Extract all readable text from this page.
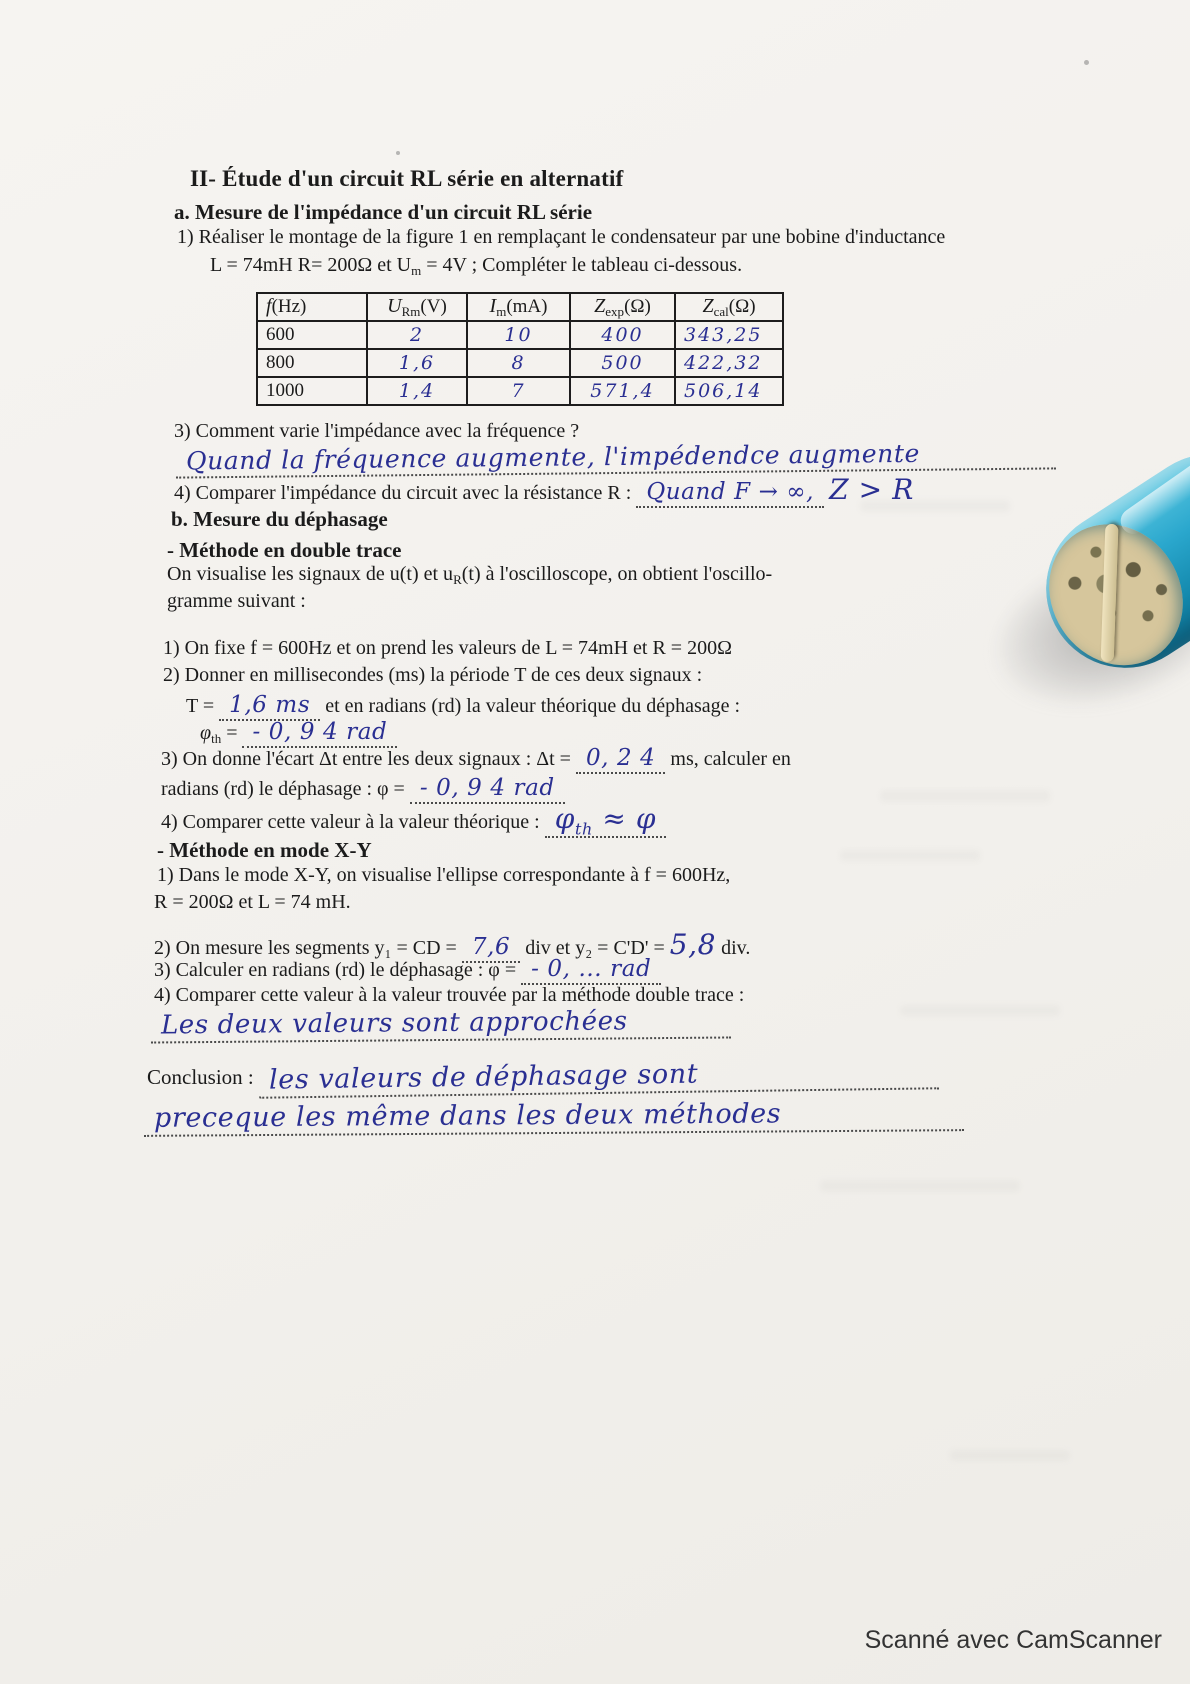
II- Étude d'un circuit RL série en alternatif
a. Mesure de l'impédance d'un circuit RL série
1) Réaliser le montage de la figure 1 en remplaçant le condensateur par une bobine d'inductance
L = 74mH R= 200Ω et $U_m = 4V$ ; Compléter le tableau ci-dessous.
f(Hz)	$U_{Rm}(V)$	$I_m(mA)$	$Z_{exp}(\Omega)$	$Z_{cal}(\Omega)$
600	2	10	400	343,25
800	1,6	8	500	422,32
1000	1,4	7	571,4	506,14
3) Comment varie l'impédance avec la fréquence ?
Quand la fréquence augmente, l'impédendce augmente
4) Comparer l'impédance du circuit avec la résistance R : Quand F → ∞, Z > R
b. Mesure du déphasage
- Méthode en double trace
On visualise les signaux de u(t) et $u_R(t)$ à l'oscilloscope, on obtient l'oscillo-
gramme suivant :
1) On fixe f = 600Hz et on prend les valeurs de L = 74mH et R = 200Ω
2) Donner en millisecondes (ms) la période T de ces deux signaux :
T = 1,6 ms et en radians (rd) la valeur théorique du déphasage :
$\varphi_{th}$ = - 0, 9 4 rad
3) On donne l'écart Δt entre les deux signaux : Δt = 0, 2 4 ms, calculer en
radians (rd) le déphasage : φ = - 0, 9 4 rad
4) Comparer cette valeur à la valeur théorique : $\varphi_{th} \approx \varphi$
- Méthode en mode X-Y
1) Dans le mode X-Y, on visualise l'ellipse correspondante à f = 600Hz,
R = 200Ω et L = 74 mH.
2) On mesure les segments y₁ = CD = 7,6 div et y₂ = C'D' = 5,8 div.
3) Calculer en radians (rd) le déphasage : φ = - 0, ... rad
4) Comparer cette valeur à la valeur trouvée par la méthode double trace :
Les deux valeurs sont approchées
Conclusion : les valeurs de déphasage sont
preceque les même dans les deux méthodes
Scanné avec CamScanner
